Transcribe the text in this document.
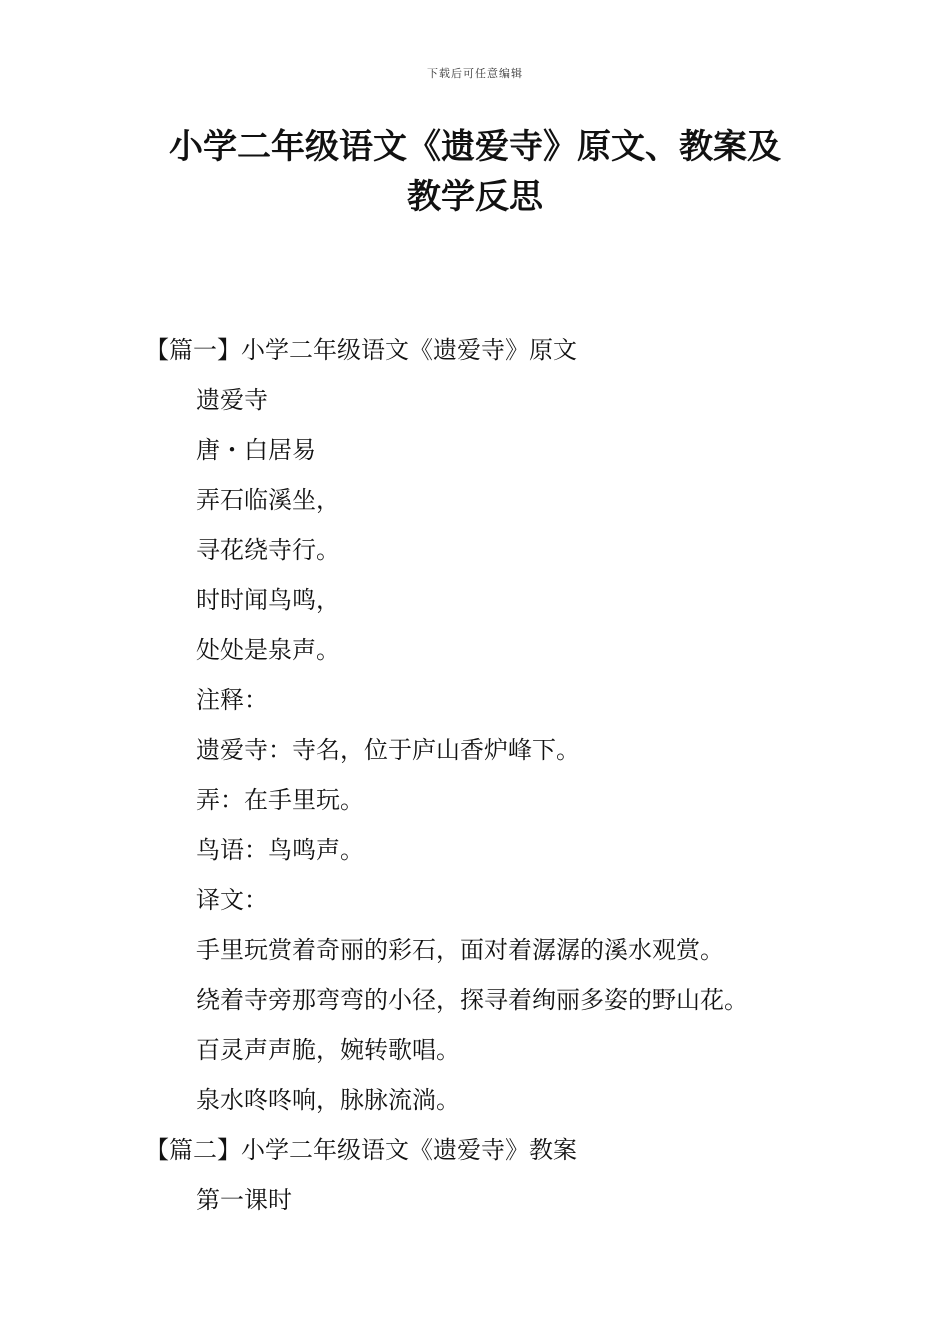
下载后可任意编辑
小学二年级语文《遗爱寺》原文、教案及
教学反思
【篇一】小学二年级语文《遗爱寺》原文
遗爱寺
唐・白居易
弄石临溪坐，
寻花绕寺行。
时时闻鸟鸣，
处处是泉声。
注释：
遗爱寺：寺名，位于庐山香炉峰下。
弄：在手里玩。
鸟语：鸟鸣声。
译文：
手里玩赏着奇丽的彩石，面对着潺潺的溪水观赏。
绕着寺旁那弯弯的小径，探寻着绚丽多姿的野山花。
百灵声声脆，婉转歌唱。
泉水咚咚响，脉脉流淌。
【篇二】小学二年级语文《遗爱寺》教案
第一课时
